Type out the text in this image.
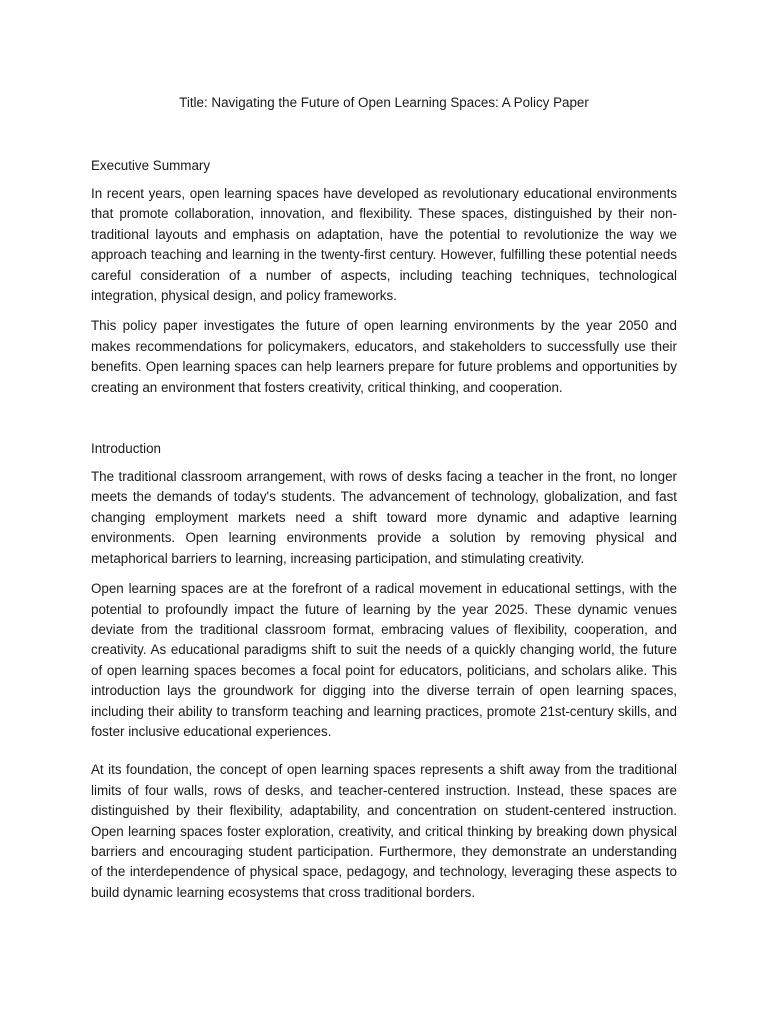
Title: Navigating the Future of Open Learning Spaces: A Policy Paper
Executive Summary

In recent years, open learning spaces have developed as revolutionary educational environments that promote collaboration, innovation, and flexibility. These spaces, distinguished by their non-traditional layouts and emphasis on adaptation, have the potential to revolutionize the way we approach teaching and learning in the twenty-first century. However, fulfilling these potential needs careful consideration of a number of aspects, including teaching techniques, technological integration, physical design, and policy frameworks.

This policy paper investigates the future of open learning environments by the year 2050 and makes recommendations for policymakers, educators, and stakeholders to successfully use their benefits. Open learning spaces can help learners prepare for future problems and opportunities by creating an environment that fosters creativity, critical thinking, and cooperation.

Introduction

The traditional classroom arrangement, with rows of desks facing a teacher in the front, no longer meets the demands of today's students. The advancement of technology, globalization, and fast changing employment markets need a shift toward more dynamic and adaptive learning environments. Open learning environments provide a solution by removing physical and metaphorical barriers to learning, increasing participation, and stimulating creativity.

Open learning spaces are at the forefront of a radical movement in educational settings, with the potential to profoundly impact the future of learning by the year 2025. These dynamic venues deviate from the traditional classroom format, embracing values of flexibility, cooperation, and creativity. As educational paradigms shift to suit the needs of a quickly changing world, the future of open learning spaces becomes a focal point for educators, politicians, and scholars alike. This introduction lays the groundwork for digging into the diverse terrain of open learning spaces, including their ability to transform teaching and learning practices, promote 21st-century skills, and foster inclusive educational experiences.

At its foundation, the concept of open learning spaces represents a shift away from the traditional limits of four walls, rows of desks, and teacher-centered instruction. Instead, these spaces are distinguished by their flexibility, adaptability, and concentration on student-centered instruction. Open learning spaces foster exploration, creativity, and critical thinking by breaking down physical barriers and encouraging student participation. Furthermore, they demonstrate an understanding of the interdependence of physical space, pedagogy, and technology, leveraging these aspects to build dynamic learning ecosystems that cross traditional borders.
